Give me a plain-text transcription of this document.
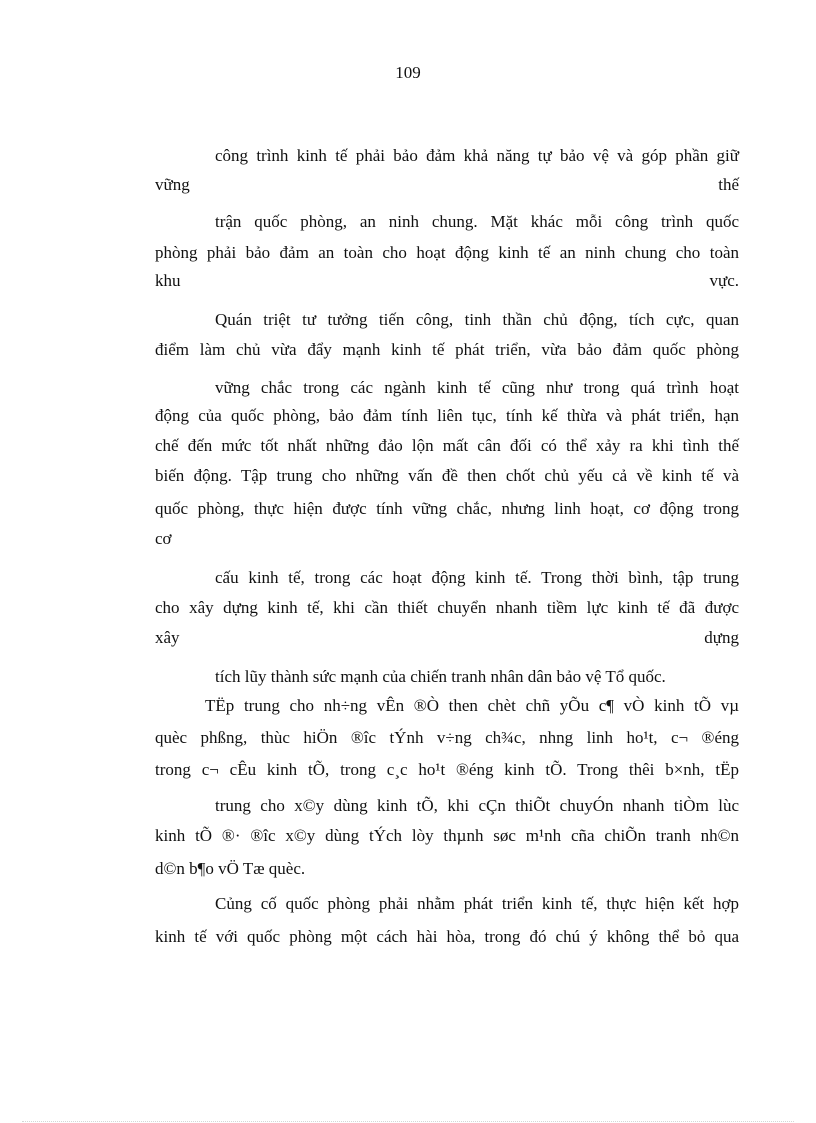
109
công trình kinh tế phải bảo đảm khả năng tự bảo vệ và góp phần giữ
vững thế
trận quốc phòng, an ninh chung. Mặt khác mỗi công trình quốc
phòng phải bảo đảm an toàn cho hoạt động kinh tế an ninh chung cho toàn
khu vực.
Quán triệt tư tưởng tiến công, tinh thần chủ động, tích cực, quan
điểm làm chủ vừa đẩy mạnh kinh tế phát triển, vừa bảo đảm quốc phòng
vững chắc trong các ngành kinh tế cũng như trong quá trình hoạt
động của quốc phòng, bảo đảm tính liên tục, tính kế thừa và phát triển, hạn
chế đến mức tốt nhất những đảo lộn mất cân đối có thể xảy ra khi tình thế
biến động. Tập trung cho những vấn đề then chốt chủ yếu cả về kinh tế và
quốc phòng, thực hiện được tính vững chắc, nhưng linh hoạt, cơ động trong
cơ
cấu kinh tế, trong các hoạt động kinh tế. Trong thời bình, tập trung
cho xây dựng kinh tế, khi cần thiết chuyển nhanh tiềm lực kinh tế đã được
xây dựng
tích lũy thành sức mạnh của chiến tranh nhân dân bảo vệ Tổ quốc.
TËp trung cho nh÷ng vÊn ®Ò then chèt chñ yÕu c¶ vÒ kinh tÕ vµ
quèc phßng, thùc hiÖn ®îc tÝnh v÷ng ch¾c, nhng linh ho¹t, c¬ ®éng
trong c¬ cÊu kinh tÕ, trong c¸c ho¹t ®éng kinh tÕ. Trong thêi b×nh, tËp
trung cho x©y dùng kinh tÕ, khi cÇn thiÕt chuyÓn nhanh tiÒm lùc
kinh tÕ ®· ®îc x©y dùng tÝch lòy thµnh søc m¹nh cña chiÕn tranh nh©n
d©n b¶o vÖ Tæ quèc.
Củng cố quốc phòng phải nhằm phát triển kinh tế, thực hiện kết hợp
kinh tế với quốc phòng một cách hài hòa, trong đó chú ý không thể bỏ qua
